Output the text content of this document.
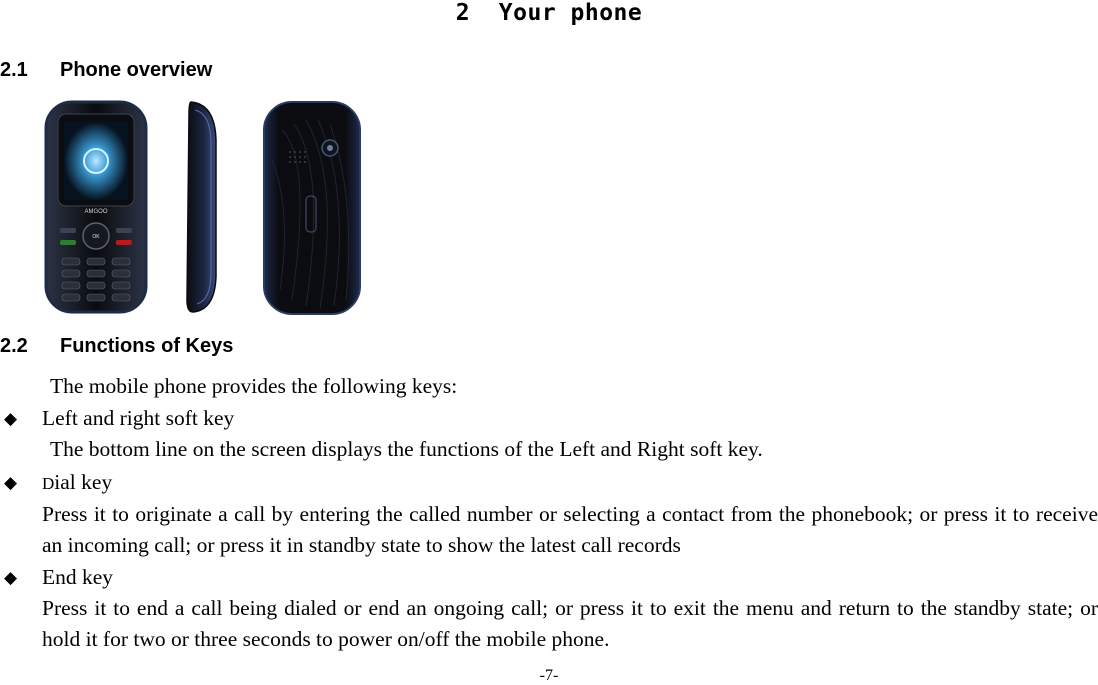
2 Your phone
2.1 Phone overview
AMGOO
OK
2.2 Functions of Keys
The mobile phone provides the following keys:
◆ Left and right soft key
The bottom line on the screen displays the functions of the Left and Right soft key.
◆ Dial key
Press it to originate a call by entering the called number or selecting a contact from the phonebook; or press it to receive an incoming call; or press it in standby state to show the latest call records
◆ End key
Press it to end a call being dialed or end an ongoing call; or press it to exit the menu and return to the standby state; or hold it for two or three seconds to power on/off the mobile phone.
-7-
